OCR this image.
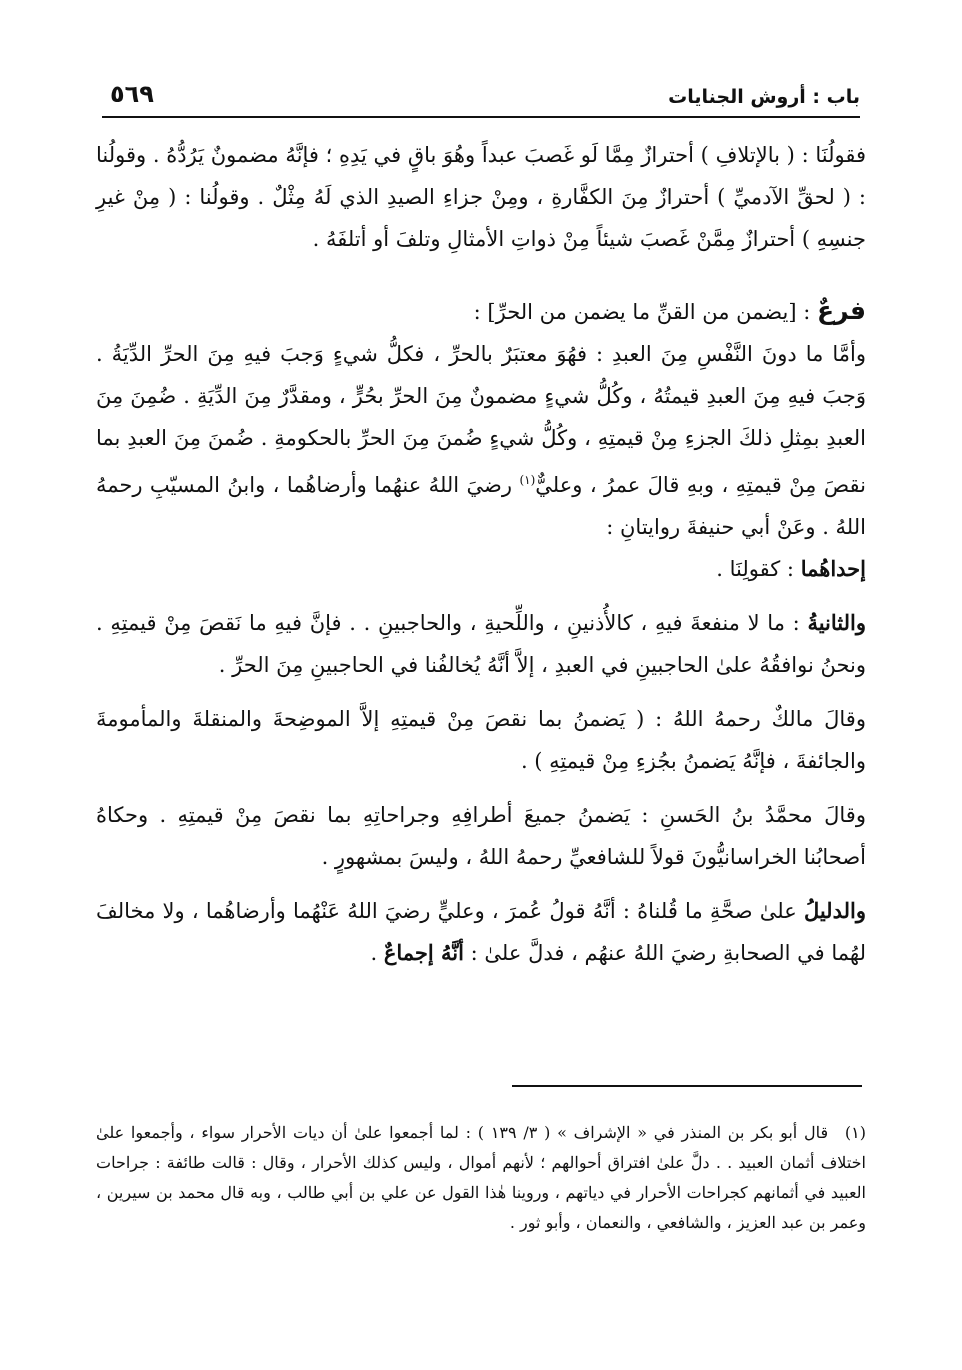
باب : أروش الجنايات
٥٦٩

فقولُنَا : ( بالإتلافِ ) أحترازٌ مِمَّا لَو غَصبَ عبداً وهُوَ باقٍ في يَدِهِ ؛ فإنَّهُ مضمونٌ يَرُدُّهُ . وقولُنا : ( لحقِّ الآدميِّ ) أحترازٌ مِنَ الكفَّارةِ ، ومِنْ جزاءِ الصيدِ الذي لَهُ مِثْلٌ . وقولُنا : ( مِنْ غيرِ جنسِهِ ) أحترازٌ مِمَّنْ غَصبَ شيئاً مِنْ ذواتِ الأمثالِ وتلفَ أو أتلفَهُ .

فرعٌ : [يضمن من القنِّ ما يضمن من الحرِّ] :

وأمَّا ما دونَ النَّفْسِ مِنَ العبدِ : فهُوَ معتبَرٌ بالحرِّ ، فكلُّ شيءٍ وَجبَ فيهِ مِنَ الحرِّ الدِّيَةُ . وَجبَ فيهِ مِنَ العبدِ قيمتُهُ ، وكُلُّ شيءٍ مضمونٌ مِنَ الحرِّ بحُرٍّ ، ومقدَّرٌ مِنَ الدِّيَةِ . ضُمِنَ مِنَ العبدِ بمِثلِ ذلكَ الجزءِ مِنْ قيمتِهِ ، وكُلُّ شيءٍ ضُمنَ مِنَ الحرِّ بالحكومةِ . ضُمنَ مِنَ العبدِ بما نقصَ مِنْ قيمتِهِ ، وبهِ قالَ عمرُ ، وعليٌّ$^{(١)}$ رضيَ اللهُ عنهُما وأرضاهُما ، وابنُ المسيّبِ رحمهُ اللهُ . وعَنْ أبي حنيفةَ روايتانِ :

إحداهُما : كقولِنَا .

والثانيةُ : ما لا منفعةَ فيهِ ، كالأُذنينِ ، واللِّحيةِ ، والحاجبينِ . . فإنَّ فيهِ ما نَقصَ مِنْ قيمتِهِ . ونحنُ نوافقُهُ علىٰ الحاجبينِ في العبدِ ، إلاَّ أنَّهُ يُخالفُنا في الحاجبينِ مِنَ الحرِّ .

وقالَ مالكٌ رحمهُ اللهُ : ( يَضمنُ بما نقصَ مِنْ قيمتِهِ إلاَّ الموضِحةَ والمنقلةَ والمأمومةَ والجائفةَ ، فإنَّهُ يَضمنُ بجُزءِ مِنْ قيمتِهِ ) .

وقالَ محمَّدُ بنُ الحَسنِ : يَضمنُ جميعَ أطرافِهِ وجراحاتِهِ بما نقصَ مِنْ قيمتِهِ . وحكاهُ أصحابُنا الخراسانيُّونَ قولاً للشافعيِّ رحمهُ اللهُ ، وليسَ بمشهورٍ .

والدليلُ علىٰ صحَّةِ ما قُلناهُ : أنَّهُ قولُ عُمرَ ، وعليٍّ رضيَ اللهُ عَنْهُما وأرضاهُما ، ولا مخالفَ لهُما في الصحابةِ رضيَ اللهُ عنهُم ، فدلَّ علىٰ : أنَّهُ إجماعٌ .

(١) قال أبو بكر بن المنذر في « الإشراف » ( ٣/ ١٣٩ ) : لما أجمعوا علىٰ أن ديات الأحرار سواء ، وأجمعوا علىٰ اختلاف أثمان العبيد . . دلَّ علىٰ افتراق أحوالهم ؛ لأنهم أموال ، وليس كذلك الأحرار ، وقال : قالت طائفة : جراحات العبيد في أثمانهم كجراحات الأحرار في دياتهم ، وروينا هٰذا القول عن علي بن أبي طالب ، وبه قال محمد بن سيرين ، وعمر بن عبد العزيز ، والشافعي ، والنعمان ، وأبو ثور .
